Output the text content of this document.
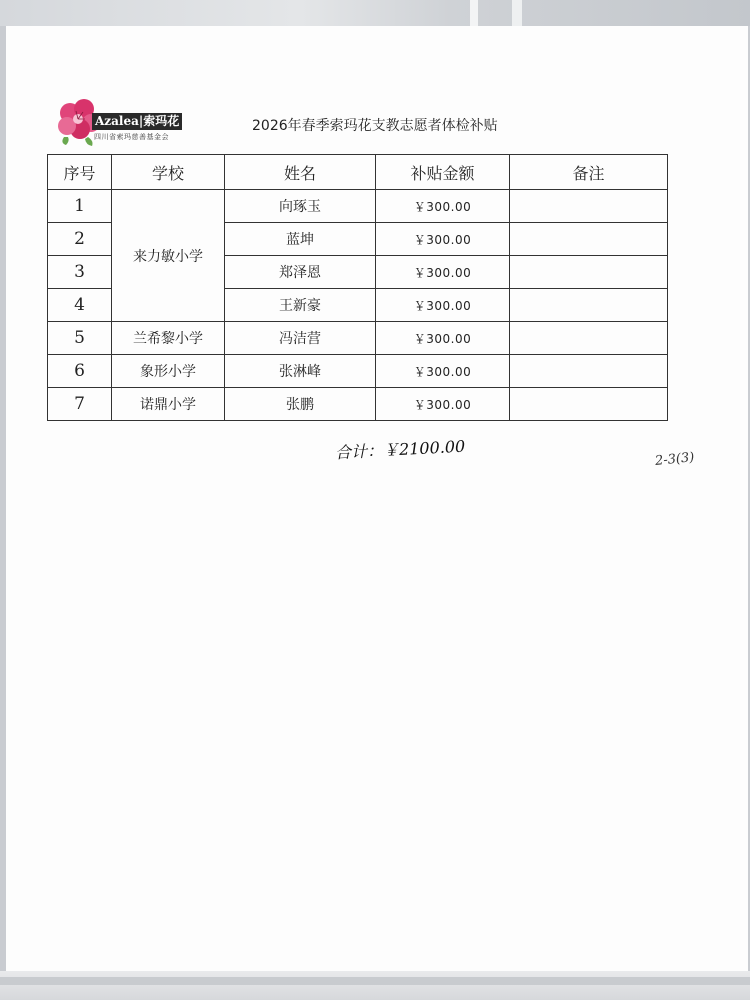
Azalea|索玛花
四川省索玛慈善基金会
2026年春季索玛花支教志愿者体检补贴
序号	学校	姓名	补贴金额	备注
1	来力敏小学	向琢玉	￥300.00	
2		蓝坤	￥300.00	
3		郑泽恩	￥300.00	
4		王新豪	￥300.00	
5	兰希黎小学	冯洁营	￥300.00	
6	象形小学	张淋峰	￥300.00	
7	诺鼎小学	张鹏	￥300.00	
合计：￥2100.00	2-3(3)
